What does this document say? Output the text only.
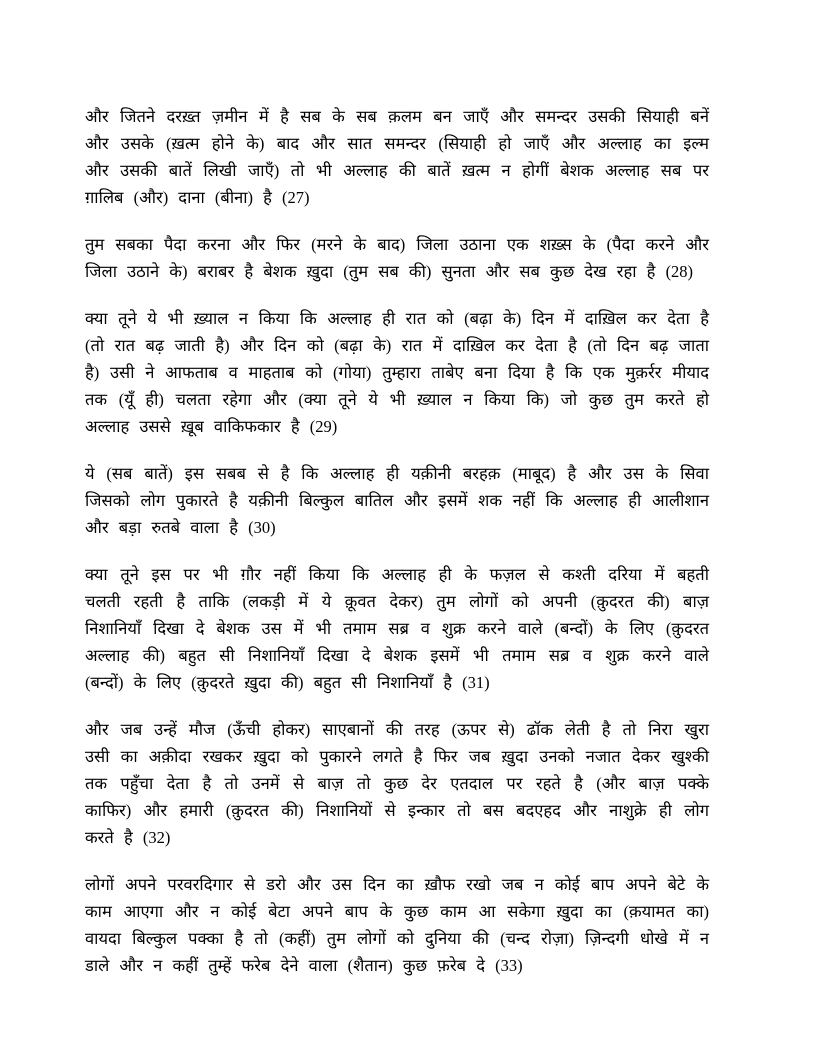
और जितने दरख़्त ज़मीन में है सब के सब क़लम बन जाएँ और समन्दर उसकी सियाही बनें और उसके (ख़त्म होने के) बाद और सात समन्दर (सियाही हो जाएँ और अल्लाह का इल्म और उसकी बातें लिखी जाएँ) तो भी अल्लाह की बातें ख़त्म न होगीं बेशक अल्लाह सब पर ग़ालिब (और) दाना (बीना) है (27)

तुम सबका पैदा करना और फिर (मरने के बाद) जिला उठाना एक शख़्स के (पैदा करने और जिला उठाने के) बराबर है बेशक ख़ुदा (तुम सब की) सुनता और सब कुछ देख रहा है (28)

क्या तूने ये भी ख़्याल न किया कि अल्लाह ही रात को (बढ़ा के) दिन में दाख़िल कर देता है (तो रात बढ़ जाती है) और दिन को (बढ़ा के) रात में दाख़िल कर देता है (तो दिन बढ़ जाता है) उसी ने आफताब व माहताब को (गोया) तुम्हारा ताबेए बना दिया है कि एक मुक़र्रर मीयाद तक (यूँ ही) चलता रहेगा और (क्या तूने ये भी ख़्याल न किया कि) जो कुछ तुम करते हो अल्लाह उससे ख़ूब वाकिफकार है (29)

ये (सब बातें) इस सबब से है कि अल्लाह ही यक़ीनी बरहक़ (माबूद) है और उस के सिवा जिसको लोग पुकारते है यक़ीनी बिल्कुल बातिल और इसमें शक नहीं कि अल्लाह ही आलीशान और बड़ा रुतबे वाला है (30)

क्या तूने इस पर भी ग़ौर नहीं किया कि अल्लाह ही के फज़ल से कश्ती दरिया में बहती चलती रहती है ताकि (लकड़ी में ये क़ूवत देकर) तुम लोगों को अपनी (क़ुदरत की) बाज़ निशानियाँ दिखा दे बेशक उस में भी तमाम सब्र व शुक्र करने वाले (बन्दों) के लिए (क़ुदरत अल्लाह की) बहुत सी निशानियाँ दिखा दे बेशक इसमें भी तमाम सब्र व शुक्र करने वाले (बन्दों) के लिए (क़ुदरते ख़ुदा की) बहुत सी निशानियाँ है (31)

और जब उन्हें मौज (ऊँची होकर) साएबानों की तरह (ऊपर से) ढॉक लेती है तो निरा खुरा उसी का अक़ीदा रखकर ख़ुदा को पुकारने लगते है फिर जब ख़ुदा उनको नजात देकर खुश्की तक पहुँचा देता है तो उनमें से बाज़ तो कुछ देर एतदाल पर रहते है (और बाज़ पक्के काफिर) और हमारी (क़ुदरत की) निशानियों से इन्कार तो बस बदएहद और नाशुक्रे ही लोग करते है (32)

लोगों अपने परवरदिगार से डरो और उस दिन का ख़ौफ रखो जब न कोई बाप अपने बेटे के काम आएगा और न कोई बेटा अपने बाप के कुछ काम आ सकेगा ख़ुदा का (क़यामत का) वायदा बिल्कुल पक्का है तो (कहीं) तुम लोगों को दुनिया की (चन्द रोज़ा) ज़िन्दगी धोखे में न डाले और न कहीं तुम्हें फरेब देने वाला (शैतान) कुछ फ़रेब दे (33)
